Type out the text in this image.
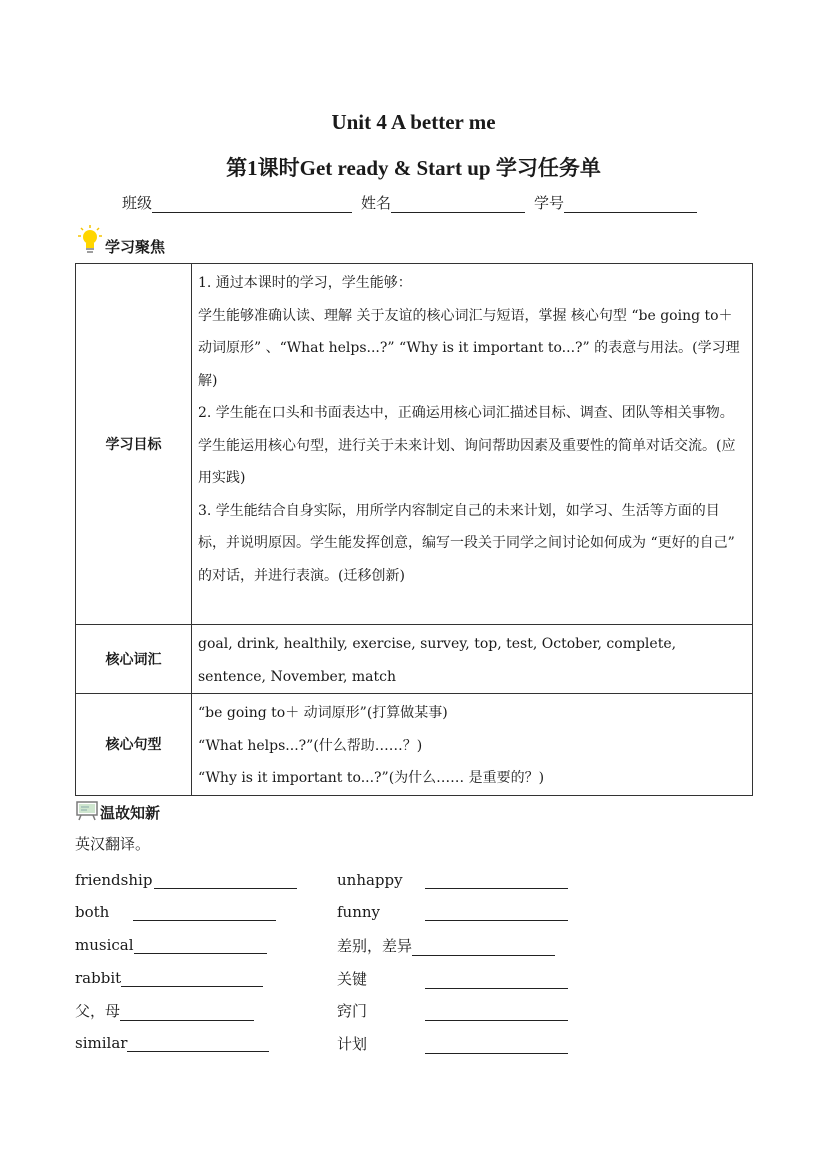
Unit 4 A better me
第1课时Get ready & Start up 学习任务单
班级	姓名	学号
学习聚焦
学习目标	1. 通过本课时的学习，学生能够：

学生能够准确认读、理解 关于友谊的核心词汇与短语，掌握 核心句型 “be going to＋ 动词原形” 、“What helps...?” “Why is it important to...?” 的表意与用法。(学习理解)

2. 学生能在口头和书面表达中，正确运用核心词汇描述目标、调查、团队等相关事物。学生能运用核心句型，进行关于未来计划、询问帮助因素及重要性的简单对话交流。(应用实践)

3. 学生能结合自身实际，用所学内容制定自己的未来计划，如学习、生活等方面的目标，并说明原因。学生能发挥创意，编写一段关于同学之间讨论如何成为 “更好的自己” 的对话，并进行表演。(迁移创新)

核心词汇	goal, drink, healthily, exercise, survey, top, test, October, complete, sentence, November, match

核心句型	“be going to＋ 动词原形”(打算做某事)

“What helps...?”(什么帮助……？)

“Why is it important to...?”(为什么…… 是重要的？)

温故知新
英汉翻译。
friendship	unhappy
both	funny
musical	差别，差异
rabbit	关键
父，母	窍门
similar	计划
